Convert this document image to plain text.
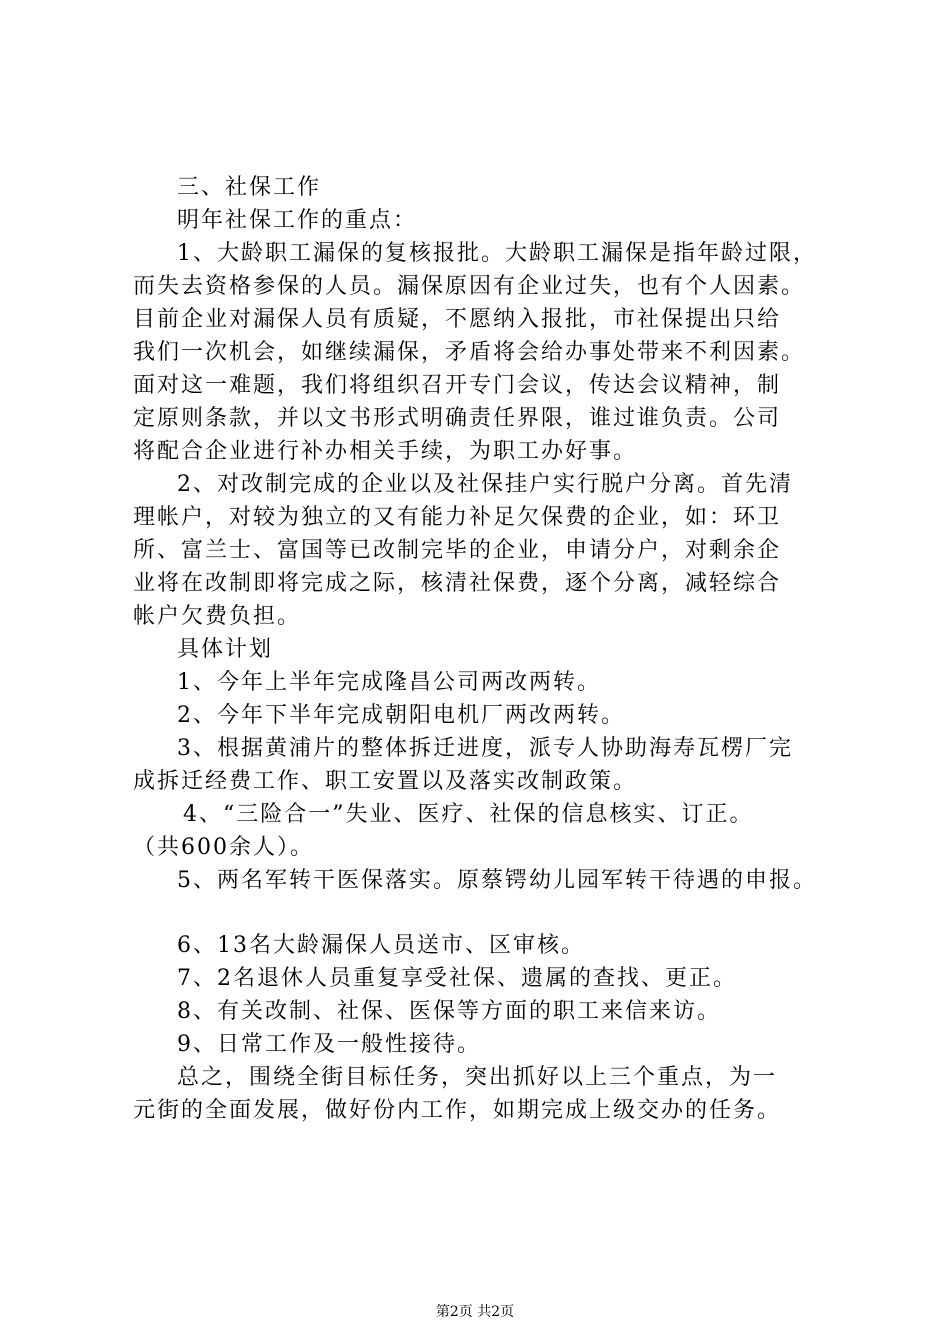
三、社保工作
明年社保工作的重点：
1、大龄职工漏保的复核报批。大龄职工漏保是指年龄过限，
而失去资格参保的人员。漏保原因有企业过失，也有个人因素。
目前企业对漏保人员有质疑，不愿纳入报批，市社保提出只给
我们一次机会，如继续漏保，矛盾将会给办事处带来不利因素。
面对这一难题，我们将组织召开专门会议，传达会议精神，制
定原则条款，并以文书形式明确责任界限，谁过谁负责。公司
将配合企业进行补办相关手续，为职工办好事。
2、对改制完成的企业以及社保挂户实行脱户分离。首先清
理帐户，对较为独立的又有能力补足欠保费的企业，如：环卫
所、富兰士、富国等已改制完毕的企业，申请分户，对剩余企
业将在改制即将完成之际，核清社保费，逐个分离，减轻综合
帐户欠费负担。
具体计划
1、今年上半年完成隆昌公司两改两转。
2、今年下半年完成朝阳电机厂两改两转。
3、根据黄浦片的整体拆迁进度，派专人协助海寿瓦楞厂完
成拆迁经费工作、职工安置以及落实改制政策。
4、“三险合一”失业、医疗、社保的信息核实、订正。
（共600余人）。
5、两名军转干医保落实。原蔡锷幼儿园军转干待遇的申报。
6、13名大龄漏保人员送市、区审核。
7、2名退休人员重复享受社保、遗属的查找、更正。
8、有关改制、社保、医保等方面的职工来信来访。
9、日常工作及一般性接待。
总之，围绕全街目标任务，突出抓好以上三个重点，为一
元街的全面发展，做好份内工作，如期完成上级交办的任务。
第2页 共2页
